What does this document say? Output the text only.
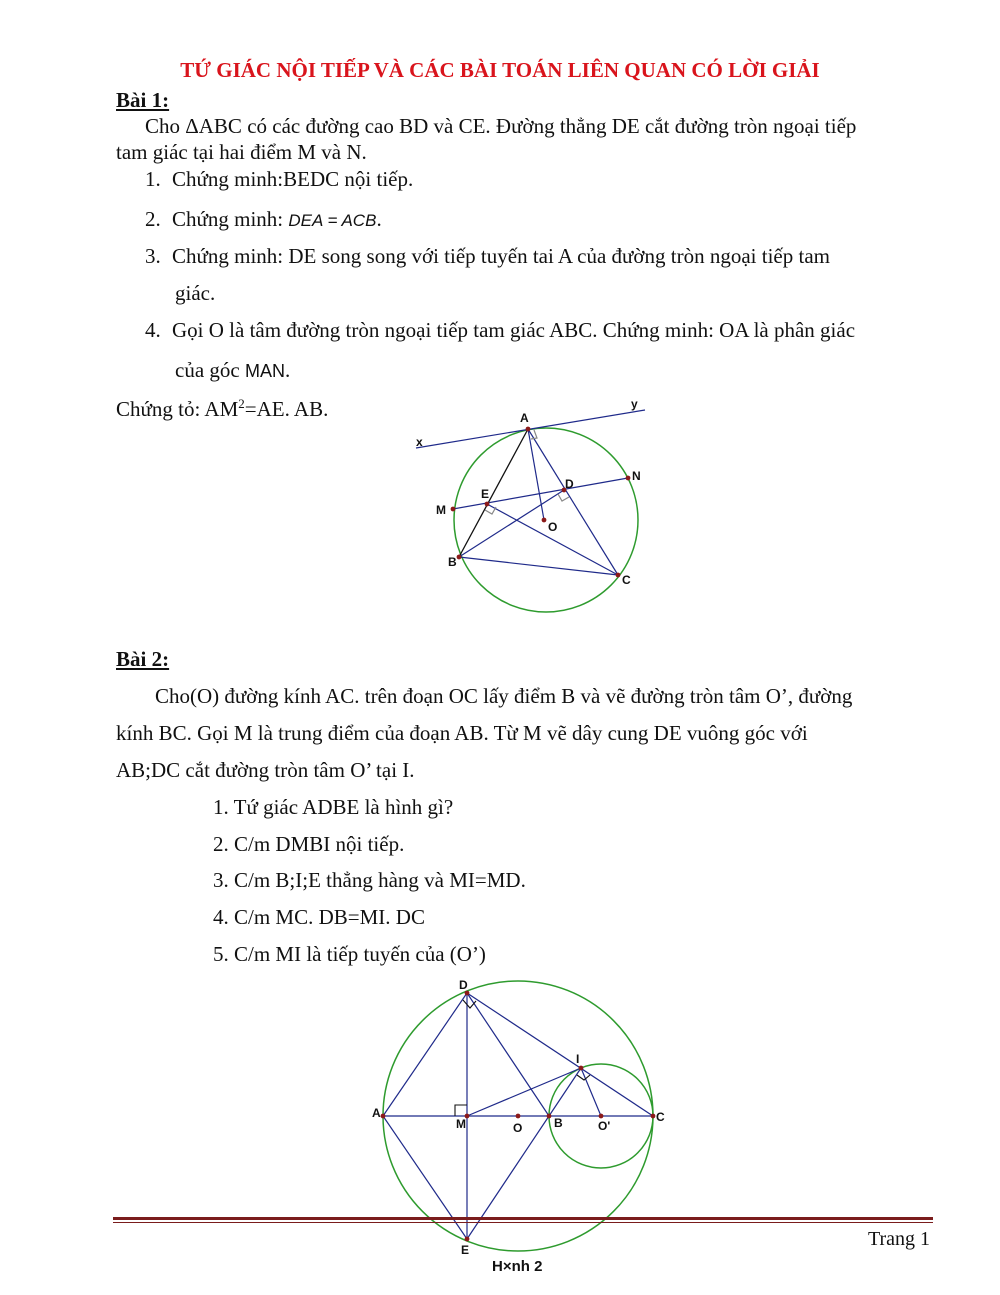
TỨ GIÁC NỘI TIẾP VÀ CÁC BÀI TOÁN LIÊN QUAN CÓ LỜI GIẢI
Bài 1:
Cho ΔABC có các đường cao BD và CE. Đường thẳng DE cắt đường tròn ngoại tiếp
tam giác tại hai điểm M và N.
1. Chứng minh:BEDC nội tiếp.
2. Chứng minh: DEA = ACB.
3. Chứng minh: DE song song với tiếp tuyến tai A của đường tròn ngoại tiếp tam
giác.
4. Gọi O là tâm đường tròn ngoại tiếp tam giác ABC. Chứng minh: OA là phân giác
của góc MAN.
Chứng tỏ: $AM^2=AE$. AB.	A
x
y
N
D
E
M
O
B
C
Bài 2:
Cho(O) đường kính AC. trên đoạn OC lấy điểm B và vẽ đường tròn tâm O’, đường
kính BC. Gọi M là trung điểm của đoạn AB. Từ M vẽ dây cung DE vuông góc với
AB;DC cắt đường tròn tâm O’ tại I.
1. Tứ giác ADBE là hình gì?
2. C/m DMBI nội tiếp.
3. C/m B;I;E thẳng hàng và MI=MD.
4. C/m MC. DB=MI. DC
5. C/m MI là tiếp tuyến của (O’)
D
I
A
M	O	B	O'
C
E	Trang 1
H×nh 2
